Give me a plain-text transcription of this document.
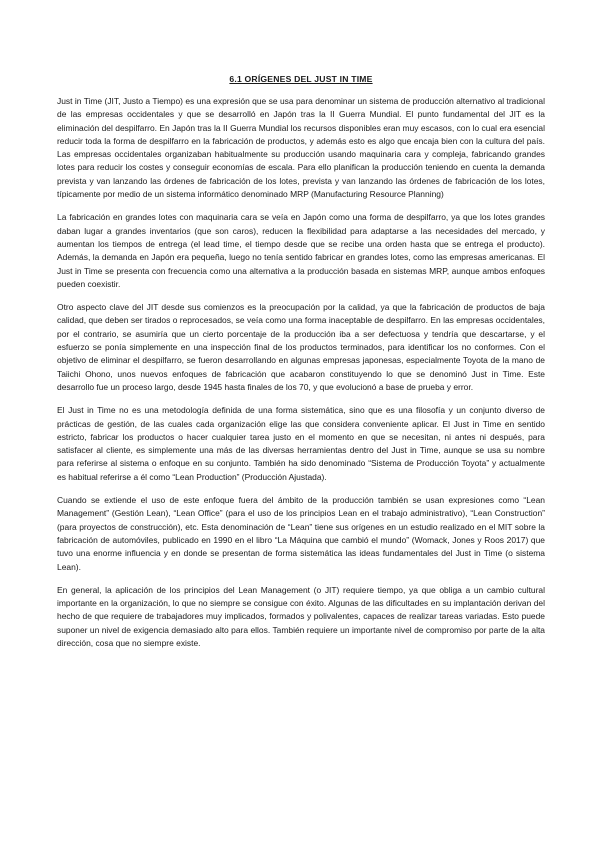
6.1 ORÍGENES DEL JUST IN TIME

Just in Time (JIT, Justo a Tiempo) es una expresión que se usa para denominar un sistema de producción alternativo al tradicional de las empresas occidentales y que se desarrolló en Japón tras la II Guerra Mundial. El punto fundamental del JIT es la eliminación del despilfarro. En Japón tras la II Guerra Mundial los recursos disponibles eran muy escasos, con lo cual era esencial reducir toda la forma de despilfarro en la fabricación de productos, y además esto es algo que encaja bien con la cultura del país. Las empresas occidentales organizaban habitualmente su producción usando maquinaria cara y compleja, fabricando grandes lotes para reducir los costes y conseguir economías de escala. Para ello planifican la producción teniendo en cuenta la demanda prevista y van lanzando las órdenes de fabricación de los lotes, prevista y van lanzando las órdenes de fabricación de los lotes, típicamente por medio de un sistema informático denominado MRP (Manufacturing Resource Planning)

La fabricación en grandes lotes con maquinaria cara se veía en Japón como una forma de despilfarro, ya que los lotes grandes daban lugar a grandes inventarios (que son caros), reducen la flexibilidad para adaptarse a las necesidades del mercado, y aumentan los tiempos de entrega (el lead time, el tiempo desde que se recibe una orden hasta que se entrega el producto). Además, la demanda en Japón era pequeña, luego no tenía sentido fabricar en grandes lotes, como las empresas americanas. El Just in Time se presenta con frecuencia como una alternativa a la producción basada en sistemas MRP, aunque ambos enfoques pueden coexistir.

Otro aspecto clave del JIT desde sus comienzos es la preocupación por la calidad, ya que la fabricación de productos de baja calidad, que deben ser tirados o reprocesados, se veía como una forma inaceptable de despilfarro. En las empresas occidentales, por el contrario, se asumiría que un cierto porcentaje de la producción iba a ser defectuosa y tendría que descartarse, y el esfuerzo se ponía simplemente en una inspección final de los productos terminados, para identificar los no conformes. Con el objetivo de eliminar el despilfarro, se fueron desarrollando en algunas empresas japonesas, especialmente Toyota de la mano de Taiichi Ohono, unos nuevos enfoques de fabricación que acabaron constituyendo lo que se denominó Just in Time. Este desarrollo fue un proceso largo, desde 1945 hasta finales de los 70, y que evolucionó a base de prueba y error.

El Just in Time no es una metodología definida de una forma sistemática, sino que es una filosofía y un conjunto diverso de prácticas de gestión, de las cuales cada organización elige las que considera conveniente aplicar. El Just in Time en sentido estricto, fabricar los productos o hacer cualquier tarea justo en el momento en que se necesitan, ni antes ni después, para satisfacer al cliente, es simplemente una más de las diversas herramientas dentro del Just in Time, aunque se usa su nombre para referirse al sistema o enfoque en su conjunto. También ha sido denominado “Sistema de Producción Toyota” y actualmente es habitual referirse a él como “Lean Production” (Producción Ajustada).

Cuando se extiende el uso de este enfoque fuera del ámbito de la producción también se usan expresiones como “Lean Management” (Gestión Lean), “Lean Office” (para el uso de los principios Lean en el trabajo administrativo), “Lean Construction” (para proyectos de construcción), etc. Esta denominación de “Lean” tiene sus orígenes en un estudio realizado en el MIT sobre la fabricación de automóviles, publicado en 1990 en el libro “La Máquina que cambió el mundo” (Womack, Jones y Roos 2017) que tuvo una enorme influencia y en donde se presentan de forma sistemática las ideas fundamentales del Just in Time (o sistema Lean).

En general, la aplicación de los principios del Lean Management (o JIT) requiere tiempo, ya que obliga a un cambio cultural importante en la organización, lo que no siempre se consigue con éxito. Algunas de las dificultades en su implantación derivan del hecho de que requiere de trabajadores muy implicados, formados y polivalentes, capaces de realizar tareas variadas. Esto puede suponer un nivel de exigencia demasiado alto para ellos. También requiere un importante nivel de compromiso por parte de la alta dirección, cosa que no siempre existe.
